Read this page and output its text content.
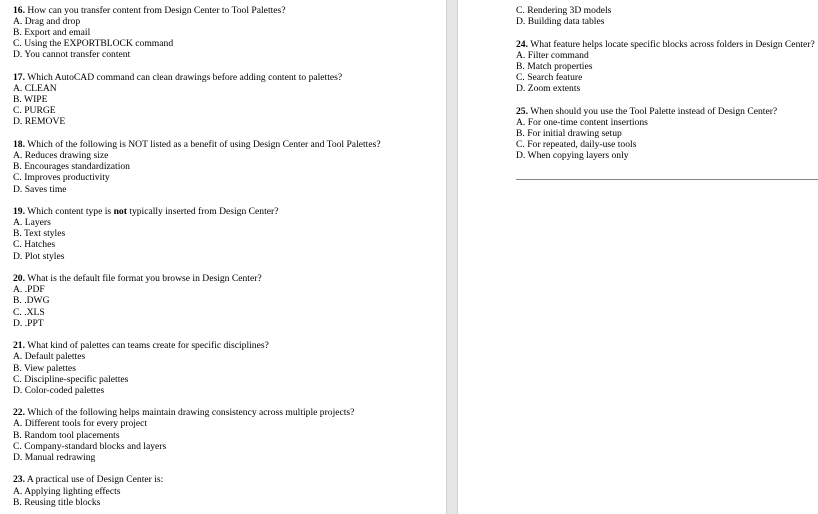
16. How can you transfer content from Design Center to Tool Palettes?
A. Drag and drop
B. Export and email
C. Using the EXPORTBLOCK command
D. You cannot transfer content
17. Which AutoCAD command can clean drawings before adding content to palettes?
A. CLEAN
B. WIPE
C. PURGE
D. REMOVE
18. Which of the following is NOT listed as a benefit of using Design Center and Tool Palettes?
A. Reduces drawing size
B. Encourages standardization
C. Improves productivity
D. Saves time
19. Which content type is not typically inserted from Design Center?
A. Layers
B. Text styles
C. Hatches
D. Plot styles
20. What is the default file format you browse in Design Center?
A. .PDF
B. .DWG
C. .XLS
D. .PPT
21. What kind of palettes can teams create for specific disciplines?
A. Default palettes
B. View palettes
C. Discipline-specific palettes
D. Color-coded palettes
22. Which of the following helps maintain drawing consistency across multiple projects?
A. Different tools for every project
B. Random tool placements
C. Company-standard blocks and layers
D. Manual redrawing
23. A practical use of Design Center is:
A. Applying lighting effects
B. Reusing title blocks
C. Rendering 3D models
D. Building data tables
24. What feature helps locate specific blocks across folders in Design Center?
A. Filter command
B. Match properties
C. Search feature
D. Zoom extents
25. When should you use the Tool Palette instead of Design Center?
A. For one-time content insertions
B. For initial drawing setup
C. For repeated, daily-use tools
D. When copying layers only
